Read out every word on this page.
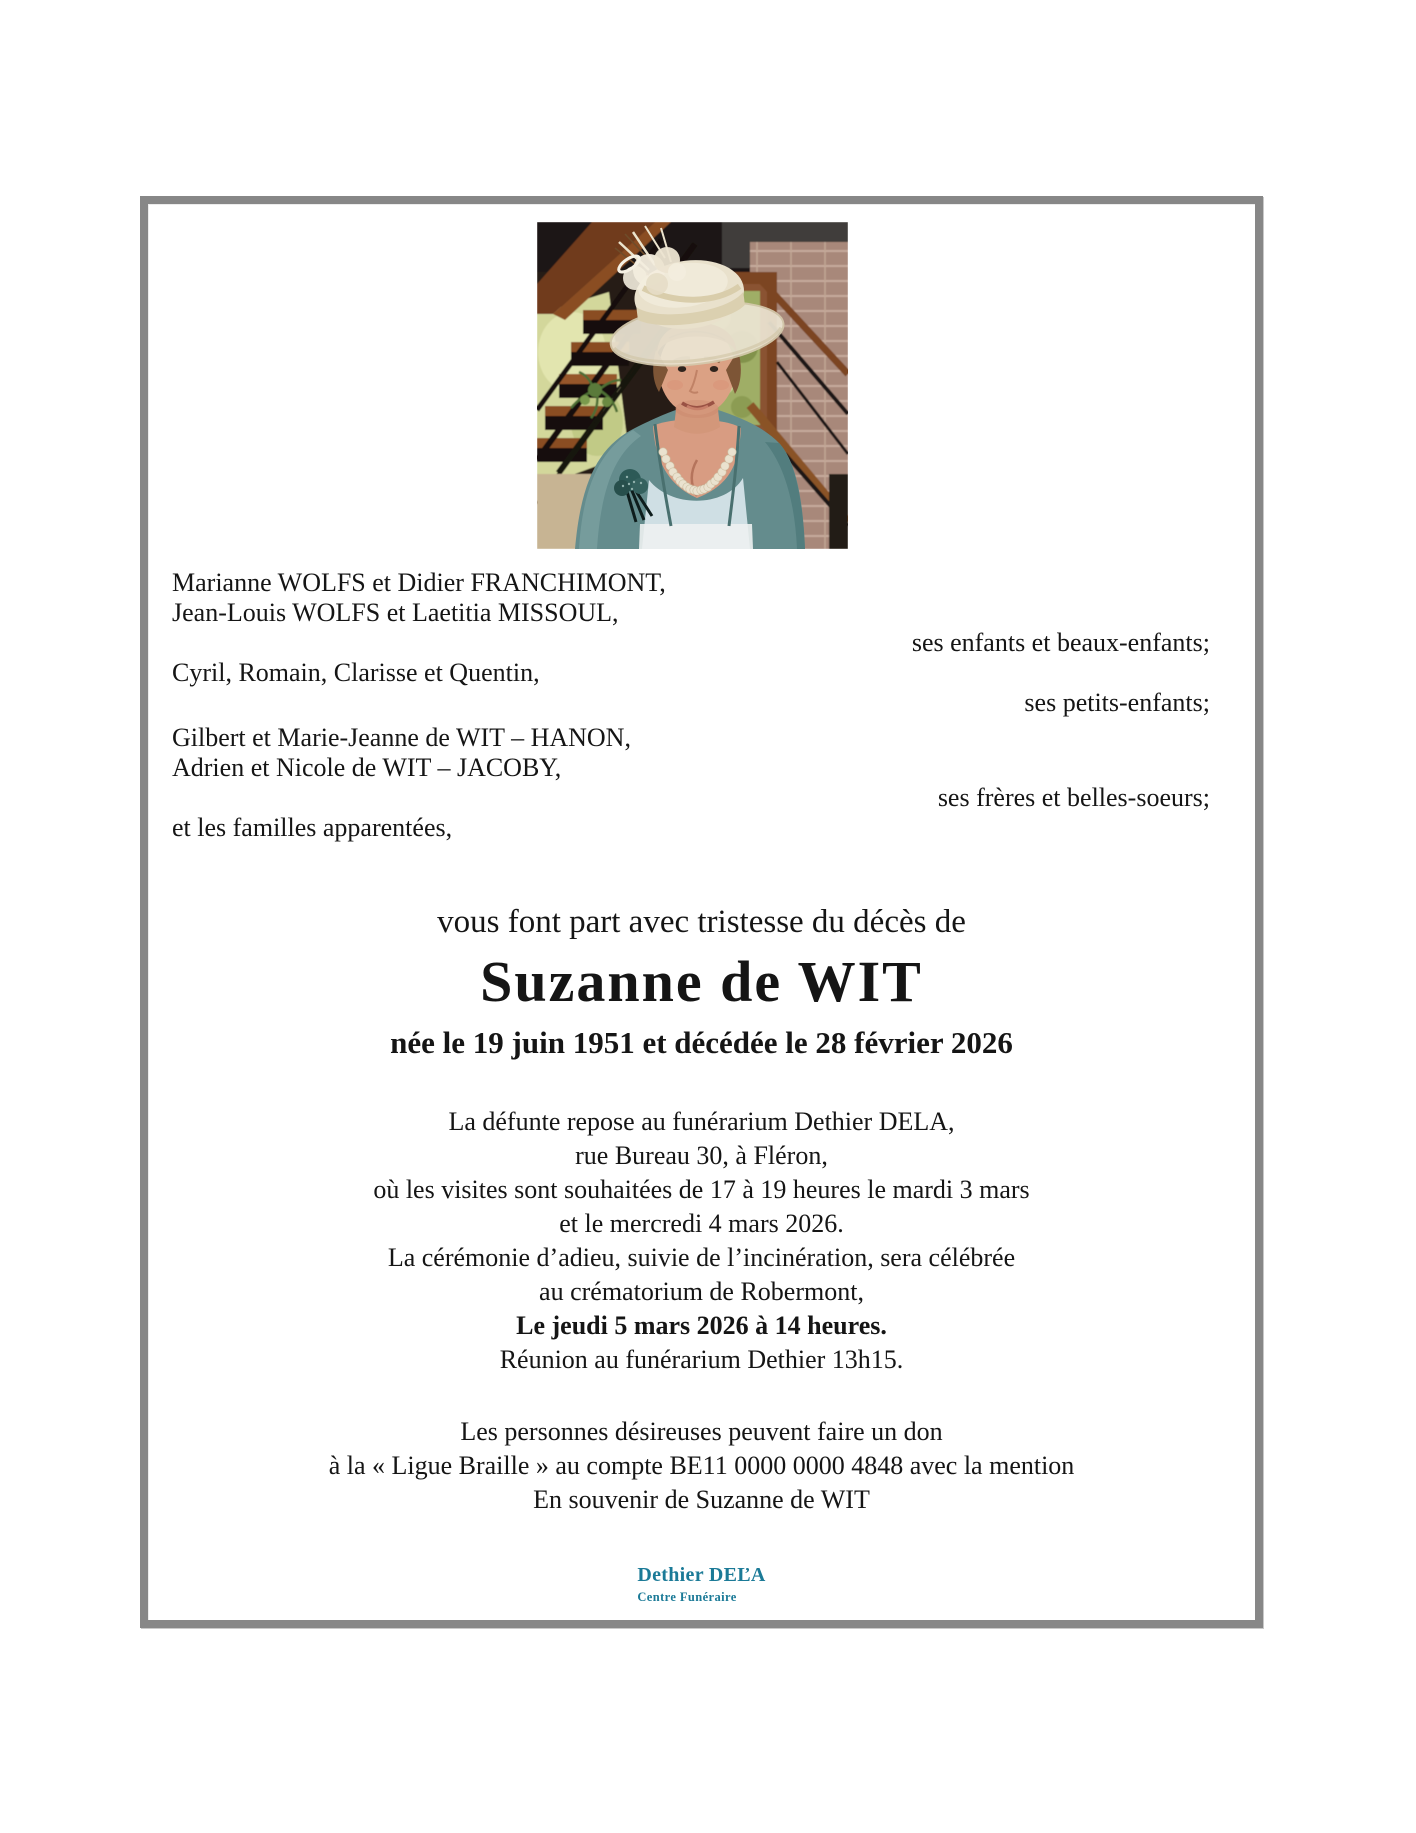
Marianne WOLFS et Didier FRANCHIMONT,
Jean-Louis WOLFS et Laetitia MISSOUL,
ses enfants et beaux-enfants;
Cyril, Romain, Clarisse et Quentin,
ses petits-enfants;
Gilbert et Marie-Jeanne de WIT – HANON,
Adrien et Nicole de WIT – JACOBY,
ses frères et belles-soeurs;
et les familles apparentées,
vous font part avec tristesse du décès de
Suzanne de WIT
née le 19 juin 1951 et décédée le 28 février 2026
La défunte repose au funérarium Dethier DELA,
rue Bureau 30, à Fléron,
où les visites sont souhaitées de 17 à 19 heures le mardi 3 mars
et le mercredi 4 mars 2026.
La cérémonie d’adieu, suivie de l’incinération, sera célébrée
au crématorium de Robermont,
Le jeudi 5 mars 2026 à 14 heures.
Réunion au funérarium Dethier 13h15.
Les personnes désireuses peuvent faire un don
à la « Ligue Braille » au compte BE11 0000 0000 4848 avec la mention
En souvenir de Suzanne de WIT
Dethier DEĽA
Centre Funéraire
